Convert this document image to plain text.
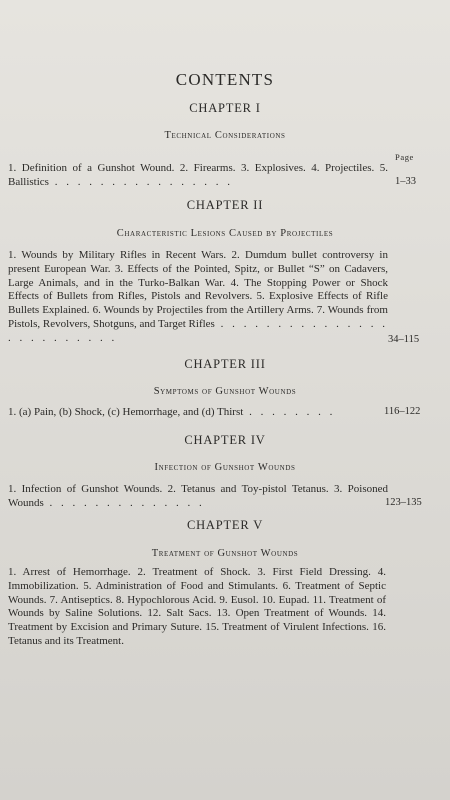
CONTENTS
CHAPTER I
Technical Considerations
Page
1. Definition of a Gunshot Wound. 2. Firearms. 3. Explosives. 4. Projectiles. 5. Ballistics . . . . . . . . . . . . . . . .	1–33
CHAPTER II
Characteristic Lesions Caused by Projectiles
1. Wounds by Military Rifles in Recent Wars. 2. Dumdum bullet controversy in present European War. 3. Effects of the Pointed, Spitz, or Bullet “S” on Cadavers, Large Animals, and in the Turko-Balkan War. 4. The Stopping Power or Shock Effects of Bullets from Rifles, Pistols and Revolvers. 5. Explosive Effects of Rifle Bullets Explained. 6. Wounds by Projectiles from the Artillery Arms. 7. Wounds from Pistols, Revolvers, Shotguns, and Target Rifles . . . . . . . . . . . . . . . . . . . . . . . . .	34–115
CHAPTER III
Symptoms of Gunshot Wounds
1. (a) Pain, (b) Shock, (c) Hemorrhage, and (d) Thirst . . . . . . . .	116–122
CHAPTER IV
Infection of Gunshot Wounds
1. Infection of Gunshot Wounds. 2. Tetanus and Toy-pistol Tetanus. 3. Poisoned Wounds . . . . . . . . . . . . . .	123–135
CHAPTER V
Treatment of Gunshot Wounds
1. Arrest of Hemorrhage. 2. Treatment of Shock. 3. First Field Dressing. 4. Immobilization. 5. Administration of Food and Stimulants. 6. Treatment of Septic Wounds. 7. Antiseptics. 8. Hypochlorous Acid. 9. Eusol. 10. Eupad. 11. Treatment of Wounds by Saline Solutions. 12. Salt Sacs. 13. Open Treatment of Wounds. 14. Treatment by Excision and Primary Suture. 15. Treatment of Virulent Infections. 16. Tetanus and its Treatment.
